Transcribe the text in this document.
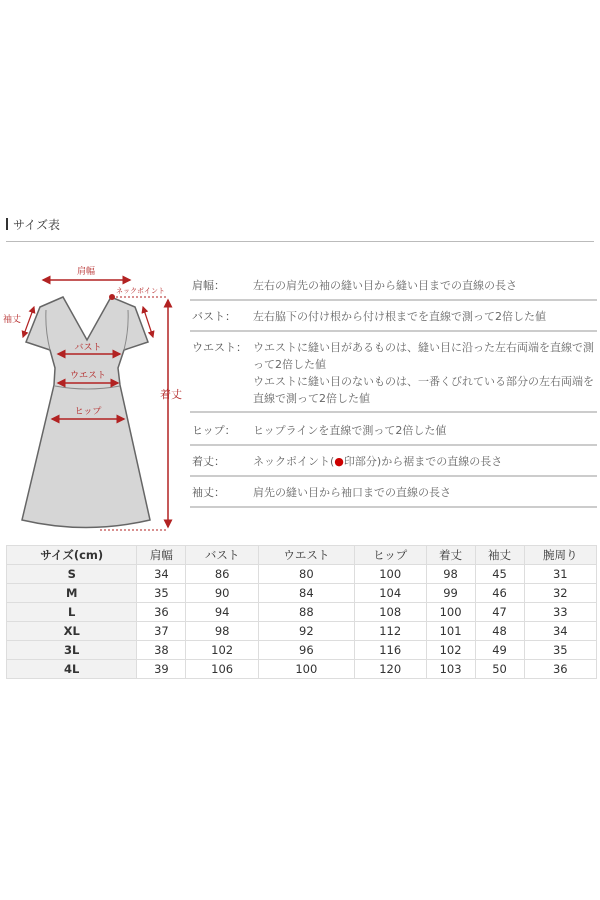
サイズ表
肩幅
ネックポイント
着丈
袖丈
バスト
ウエスト
ヒップ
肩幅：	左右の肩先の袖の縫い目から縫い目までの直線の長さ
バスト： 左右脇下の付け根から付け根までを直線で測って2倍した値
ウエスト： ウエストに縫い目があるものは、縫い目に沿った左右両端を直線で測って2倍した値
ウエストに縫い目のないものは、一番くびれている部分の左右両端を直線で測って2倍した値
ヒップ： ヒップラインを直線で測って2倍した値
着丈：	ネックポイント(●印部分)から裾までの直線の長さ
袖丈：	肩先の縫い目から袖口までの直線の長さ
サイズ(cm)	肩幅	バスト	ウエスト	ヒップ	着丈	袖丈	腕周り
S	34	86	80	100	98	45	31
M	35	90	84	104	99	46	32
L	36	94	88	108	100	47	33
XL	37	98	92	112	101	48	34
3L	38	102	96	116	102	49	35
4L	39	106	100	120	103	50	36
